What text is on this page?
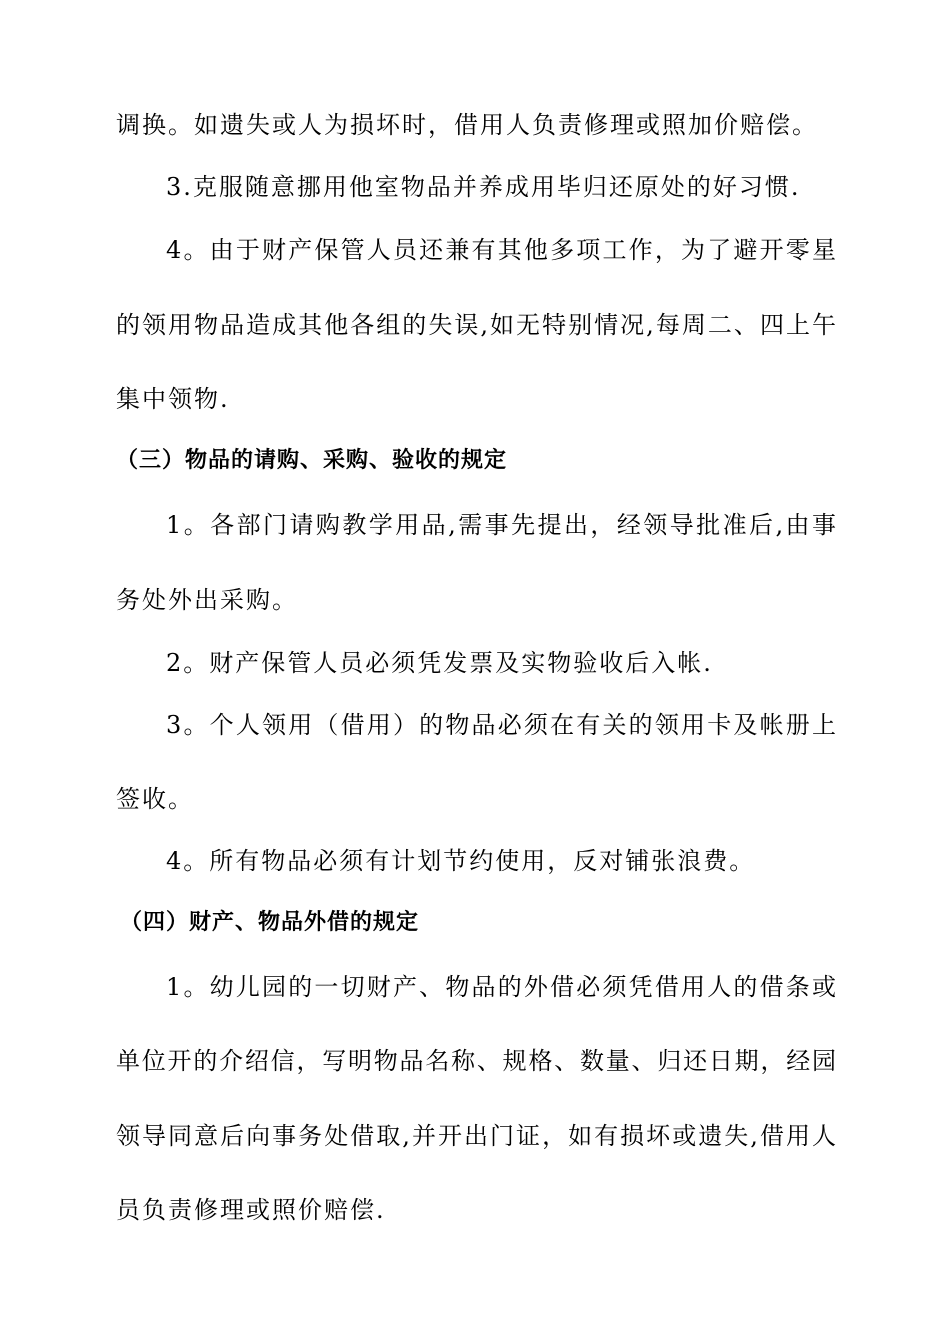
调换。如遗失或人为损坏时，借用人负责修理或照加价赔偿。
3.克服随意挪用他室物品并养成用毕归还原处的好习惯.
4。由于财产保管人员还兼有其他多项工作，为了避开零星
的领用物品造成其他各组的失误,如无特别情况,每周二、四上午
集中领物.
（三）物品的请购、采购、验收的规定
1。各部门请购教学用品,需事先提出，经领导批准后,由事
务处外出采购。
2。财产保管人员必须凭发票及实物验收后入帐.
3。个人领用（借用）的物品必须在有关的领用卡及帐册上
签收。
4。所有物品必须有计划节约使用，反对铺张浪费。
（四）财产、物品外借的规定
1。幼儿园的一切财产、物品的外借必须凭借用人的借条或
单位开的介绍信，写明物品名称、规格、数量、归还日期，经园
领导同意后向事务处借取,并开出门证，如有损坏或遗失,借用人
员负责修理或照价赔偿.
